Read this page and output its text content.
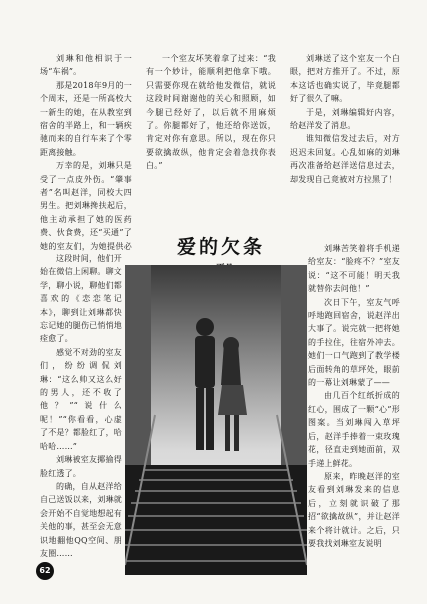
刘琳和他相识于一场“车祸”。

那是2018年9月的一个周末，还是一所高校大一新生的她，在从教室到宿舍的半路上，和一辆疾驰而来的自行车来了个零距离接触。

万幸的是，刘琳只是受了一点皮外伤。“肇事者”名叫赵洋，同校大四男生。把刘琳搀扶起后，他主动承担了她的医药费、伙食费，还“买通”了她的室友们，为她提供必

这段时间，他们开始在微信上闲聊。聊文学，聊小说，聊他们都喜欢的《恋恋笔记本》，聊到让刘琳都快忘记她的腿伤已悄悄地痊愈了。

感觉不对劲的室友们，纷纷调侃刘琳：“这么帅又这么好的男人，还不收了他？”“说什么呢！”“你看看，心虚了不是？都脸红了，哈哈哈……”

刘琳被室友揶揄得脸红透了。

的确，自从赵洋给自己送饭以来，刘琳就会开始不自觉地想起有关他的事，甚至会无意识地翻他QQ空间、朋友圈……

一个室友坏笑着拿了过来：“我有一个妙计，能顺利把他拿下哦。只需要你现在就给他发微信，就说这段时间谢谢他的关心和照顾，如今腿已经好了，以后就不用麻烦了。你腿都好了，他还给你送饭，肯定对你有意思。所以，现在你只要欲擒故纵，他肯定会着急找你表白。”

爱的欠条

刘琳送了这个室友一个白眼，把对方推开了。不过，原本这话也确实说了，毕竟腿都好了很久了嘛。

于是，刘琳编辑好内容，给赵洋发了消息。

谁知微信发过去后，对方迟迟未回复。心乱如麻的刘琳再次准备给赵洋送信息过去，却发现自己竟被对方拉黑了！

刘琳苦笑着将手机递给室友：“脸疼不？”室友说：“这不可能！明天我就替你去问他！”

次日下午，室友气呼呼地跑回宿舍，说赵洋出大事了。说完就一把将她的手拉住，往宿外冲去。她们一口气跑到了教学楼后面转角的草坪处，眼前的一幕让刘琳蒙了——

由几百个红纸折成的红心，围成了一颗“心”形图案。当刘琳闯入草坪后，赵洋手捧着一束玫瑰花，径直走到她面前，双手递上鲜花。

原来，昨晚赵洋的室友看到刘琳发来的信息后，立刻就识破了那招“欲擒故纵”，并让赵洋来个将计就计。之后，只要我找刘琳室友说明

62
